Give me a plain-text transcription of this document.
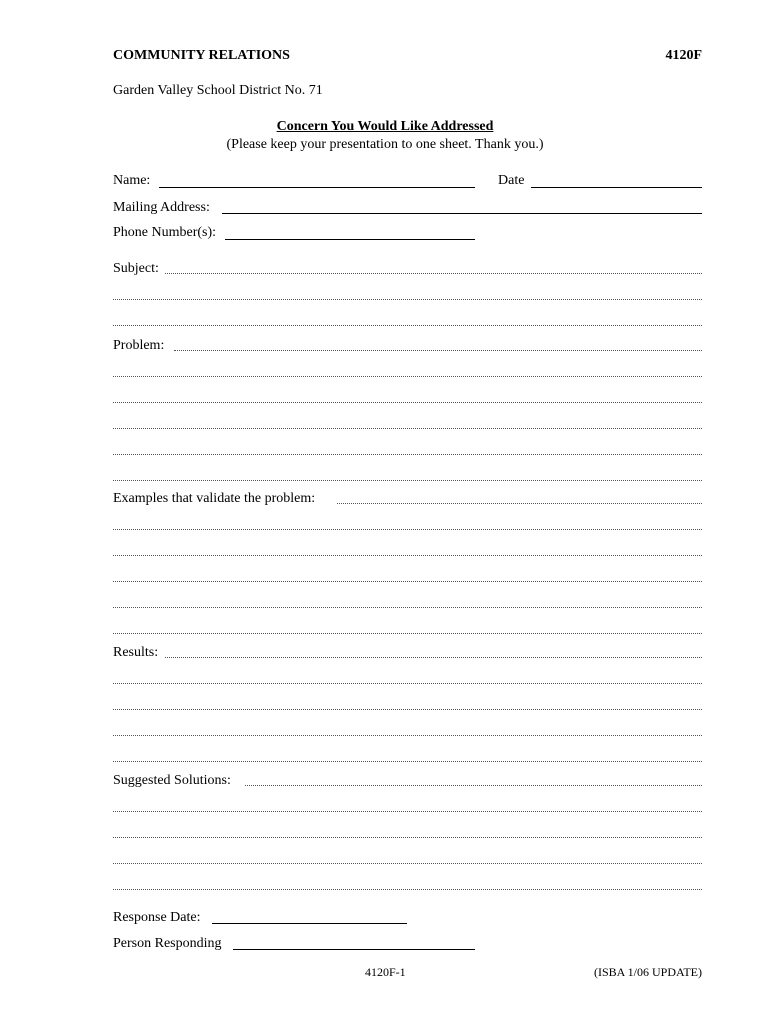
COMMUNITY RELATIONS	4120F
Garden Valley School District No. 71
Concern You Would Like Addressed
(Please keep your presentation to one sheet. Thank you.)
Name:	Date
Mailing Address:
Phone Number(s):
Subject:
Problem:
Examples that validate the problem:
Results:
Suggested Solutions:
Response Date:
Person Responding
4120F-1	(ISBA 1/06 UPDATE)
